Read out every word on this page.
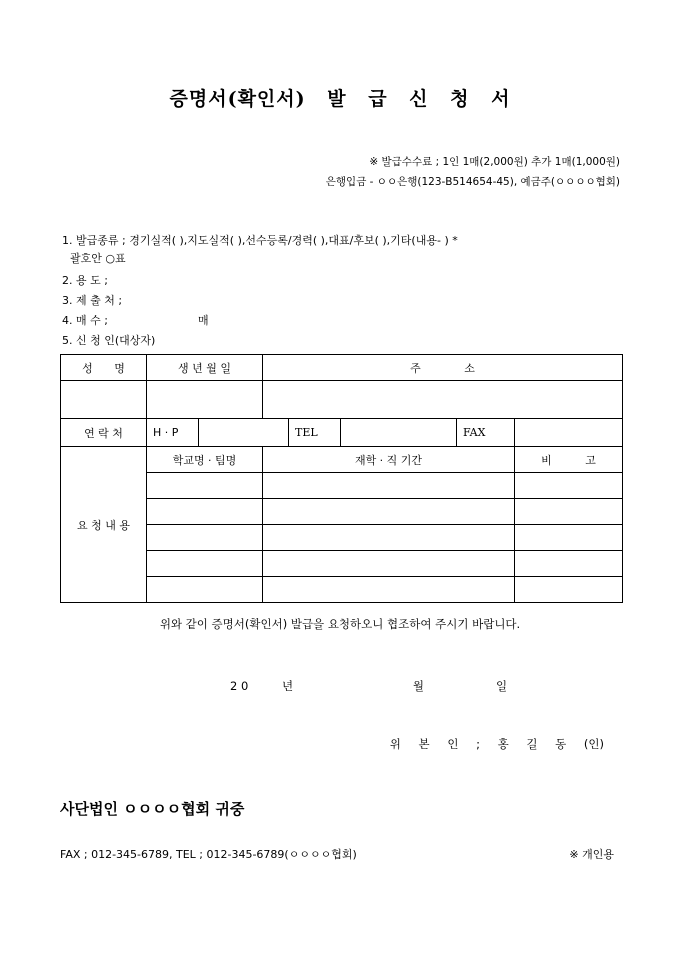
증명서(확인서) 발 급 신 청 서
※ 발급수수료 ; 1인 1매(2,000원) 추가 1매(1,000원)
은행입금 - ㅇㅇ은행(123-B514654-45), 예금주(ㅇㅇㅇㅇ협회)
1. 발급종류 ; 경기실적( ),지도실적( ),선수등록/경력( ),대표/후보( ),기타(내용- ) *
괄호안 ○표
2. 용 도 ;
3. 제 출 처 ;
4. 매 수 ;	매
5. 신 청 인(대상자)
성 명	생 년 월 일		주 소				

연 락 처	H · P			TEL		FAX	
요 청 내 용	학교명 · 팀명		재학 · 직 기간				비 고

위와 같이 증명서(확인서) 발급을 요청하오니 협조하여 주시기 바랍니다.
2 0	년	월	일
위 본 인 ; 홍 길 동 (인)
사단법인 ㅇㅇㅇㅇ협회 귀중
FAX ; 012-345-6789, TEL ; 012-345-6789(ㅇㅇㅇㅇ협회)	※ 개인용
